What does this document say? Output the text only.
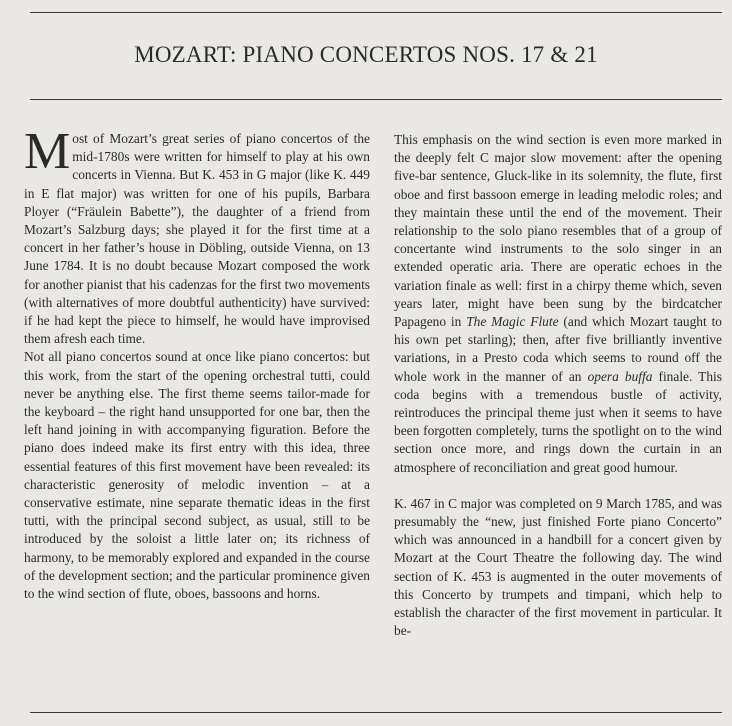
MOZART: PIANO CONCERTOS NOS. 17 & 21

Most of Mozart’s great series of piano concertos of the mid-1780s were written for himself to play at his own concerts in Vienna. But K. 453 in G major (like K. 449 in E flat major) was written for one of his pupils, Barbara Ployer (“Fräulein Babette”), the daughter of a friend from Mozart’s Salzburg days; she played it for the first time at a concert in her father’s house in Döbling, outside Vienna, on 13 June 1784. It is no doubt because Mozart composed the work for another pianist that his cadenzas for the first two movements (with alternatives of more doubtful authenticity) have survived: if he had kept the piece to himself, he would have improvised them afresh each time.

Not all piano concertos sound at once like piano concertos: but this work, from the start of the opening orchestral tutti, could never be anything else. The first theme seems tailor-made for the keyboard – the right hand unsupported for one bar, then the left hand joining in with accompanying figuration. Before the piano does indeed make its first entry with this idea, three essential features of this first movement have been revealed: its characteristic generosity of melodic invention – at a conservative estimate, nine separate thematic ideas in the first tutti, with the principal second subject, as usual, still to be introduced by the soloist a little later on; its richness of harmony, to be memorably explored and expanded in the course of the development section; and the particular prominence given to the wind section of flute, oboes, bassoons and horns.

This emphasis on the wind section is even more marked in the deeply felt C major slow movement: after the opening five-bar sentence, Gluck-like in its solemnity, the flute, first oboe and first bassoon emerge in leading melodic roles; and they maintain these until the end of the movement. Their relationship to the solo piano resembles that of a group of concertante wind instruments to the solo singer in an extended operatic aria. There are operatic echoes in the variation finale as well: first in a chirpy theme which, seven years later, might have been sung by the birdcatcher Papageno in The Magic Flute (and which Mozart taught to his own pet starling); then, after five brilliantly inventive variations, in a Presto coda which seems to round off the whole work in the manner of an opera buffa finale. This coda begins with a tremendous bustle of activity, reintroduces the principal theme just when it seems to have been forgotten completely, turns the spotlight on to the wind section once more, and rings down the curtain in an atmosphere of reconciliation and great good humour.

K. 467 in C major was completed on 9 March 1785, and was presumably the “new, just finished Forte piano Concerto” which was announced in a handbill for a concert given by Mozart at the Court Theatre the following day. The wind section of K. 453 is augmented in the outer movements of this Concerto by trumpets and timpani, which help to establish the character of the first movement in particular. It be-
